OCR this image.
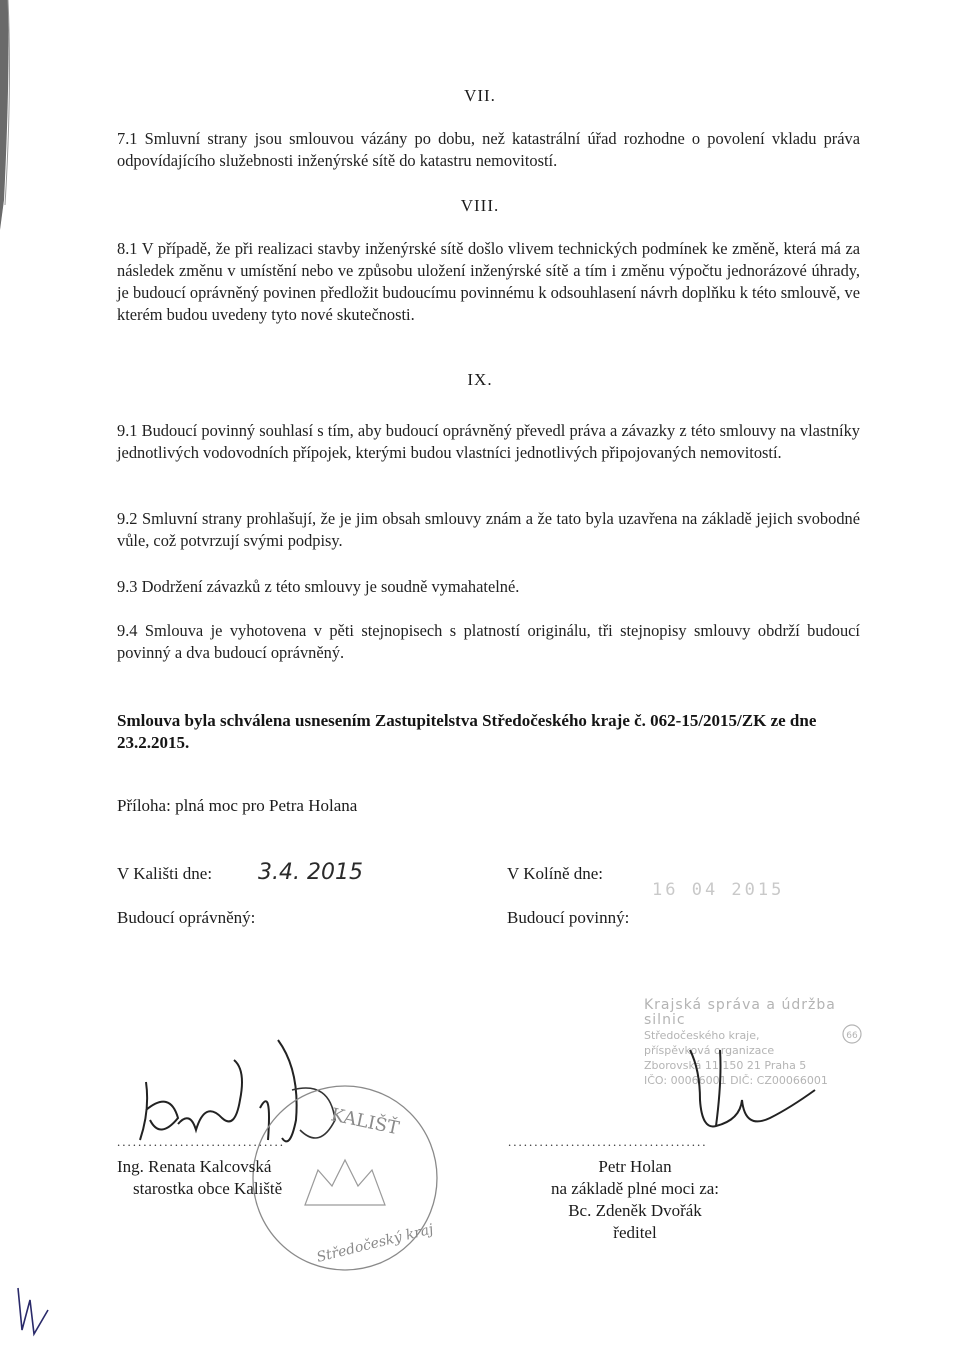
VII.
7.1 Smluvní strany jsou smlouvou vázány po dobu, než katastrální úřad rozhodne o povolení vkladu práva odpovídajícího služebnosti inženýrské sítě do katastru nemovitostí.
VIII.
8.1 V případě, že při realizaci stavby inženýrské sítě došlo vlivem technických podmínek ke změně, která má za následek změnu v umístění nebo ve způsobu uložení inženýrské sítě a tím i změnu výpočtu jednorázové úhrady, je budoucí oprávněný povinen předložit budoucímu povinnému k odsouhlasení návrh doplňku k této smlouvě, ve kterém budou uvedeny tyto nové skutečnosti.
IX.
9.1 Budoucí povinný souhlasí s tím, aby budoucí oprávněný převedl práva a závazky z této smlouvy na vlastníky jednotlivých vodovodních přípojek, kterými budou vlastníci jednotlivých připojovaných nemovitostí.
9.2 Smluvní strany prohlašují, že je jim obsah smlouvy znám a že tato byla uzavřena na základě jejich svobodné vůle, což potvrzují svými podpisy.
9.3 Dodržení závazků z této smlouvy je soudně vymahatelné.
9.4 Smlouva je vyhotovena v pěti stejnopisech s platností originálu, tři stejnopisy smlouvy obdrží budoucí povinný a dva budoucí oprávněný.
Smlouva byla schválena usnesením Zastupitelstva Středočeského kraje č. 062-15/2015/ZK ze dne 23.2.2015.
Příloha: plná moc pro Petra Holana
V Kališti dne: 3.4. 2015
Budoucí oprávněný:
V Kolíně dne:
16 04 2015
Budoucí povinný:
Krajská správa a údržba silnic
Středočeského kraje,
příspěvková organizace
Zborovská 11 150 21 Praha 5
IČO: 00066001 DIČ: CZ00066001
66
KALIŠŤ
Středočeský kraj
................................	......................................
Ing. Renata Kalcovská
starostka obce Kaliště
Petr Holan
na základě plné moci za:
Bc. Zdeněk Dvořák
ředitel
